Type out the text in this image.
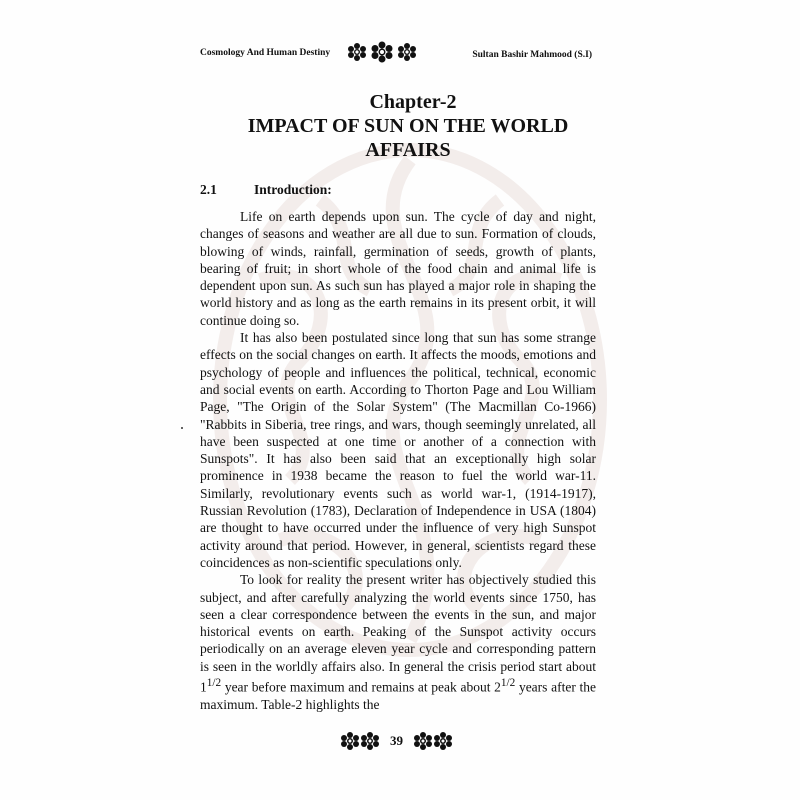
Cosmology And Human Destiny	Sultan Bashir Mahmood (S.I)
Chapter-2
IMPACT OF SUN ON THE WORLD
AFFAIRS
2.1	Introduction:

Life on earth depends upon sun. The cycle of day and night, changes of seasons and weather are all due to sun. Formation of clouds, blowing of winds, rainfall, germination of seeds, growth of plants, bearing of fruit; in short whole of the food chain and animal life is dependent upon sun. As such sun has played a major role in shaping the world history and as long as the earth remains in its present orbit, it will continue doing so.

It has also been postulated since long that sun has some strange effects on the social changes on earth. It affects the moods, emotions and psychology of people and influences the political, technical, economic and social events on earth. According to Thorton Page and Lou William Page, "The Origin of the Solar System" (The Macmillan Co-1966) "Rabbits in Siberia, tree rings, and wars, though seemingly unrelated, all have been suspected at one time or another of a connection with Sunspots". It has also been said that an exceptionally high solar prominence in 1938 became the reason to fuel the world war-11. Similarly, revolutionary events such as world war-1, (1914-1917), Russian Revolution (1783), Declaration of Independence in USA (1804) are thought to have occurred under the influence of very high Sunspot activity around that period. However, in general, scientists regard these coincidences as non-scientific speculations only.

To look for reality the present writer has objectively studied this subject, and after carefully analyzing the world events since 1750, has seen a clear correspondence between the events in the sun, and major historical events on earth. Peaking of the Sunspot activity occurs periodically on an average eleven year cycle and corresponding pattern is seen in the worldly affairs also. In general the crisis period start about $1^{1/2}$ year before maximum and remains at peak about $2^{1/2}$ years after the maximum. Table-2 highlights the

39
